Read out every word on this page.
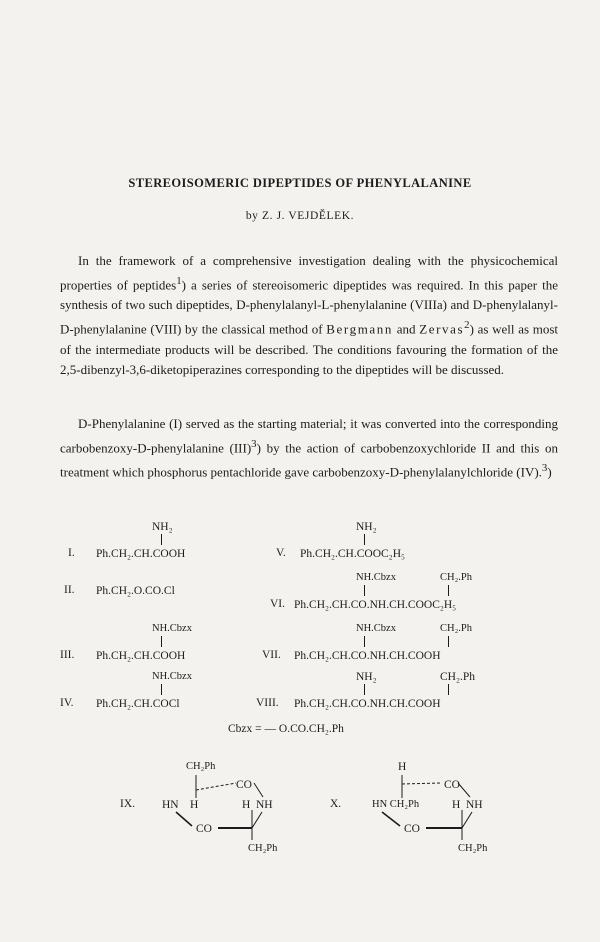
STEREOISOMERIC DIPEPTIDES OF PHENYLALANINE
by Z. J. VEJDĚLEK.
In the framework of a comprehensive investigation dealing with the physicochemical properties of peptides$^1$) a series of stereoisomeric dipeptides was required. In this paper the synthesis of two such dipeptides, D-phenylalanyl-L-phenylalanine (VIIIa) and D-phenylalanyl-D-phenylalanine (VIII) by the classical method of Bergmann and Zervas$^2$) as well as most of the intermediate products will be described. The conditions favouring the formation of the 2,5-dibenzyl-3,6-diketopiperazines corresponding to the dipeptides will be discussed.
D-Phenylalanine (I) served as the starting material; it was converted into the corresponding carbobenzoxy-D-phenylalanine (III)$^3$) by the action of carbobenzoxychloride II and this on treatment which phosphorus pentachloride gave carbobenzoxy-D-phenylalanylchloride (IV).$^3$)
NH₂
I. Ph.CH₂.CH.COOH
II. Ph.CH₂.O.CO.Cl
NH.Cbzx
III. Ph.CH₂.CH.COOH
NH.Cbzx
IV. Ph.CH₂.CH.COCl
NH₂
V. Ph.CH₂.CH.COOC₂H₅
NH.Cbzx	CH₂.Ph
VI. Ph.CH₂.CH.CO.NH.CH.COOC₂H₅
NH.Cbzx	CH₂.Ph
VII. Ph.CH₂.CH.CO.NH.CH.COOH
NH₂	CH₂.Ph
VIII. Ph.CH₂.CH.CO.NH.CH.COOH
Cbzx = — O.CO.CH₂.Ph
IX.
CH₂Ph
CO
HN H	H NH
CO
CH₂Ph
X.
H
CO
HN CH₂Ph	H NH
CO
CH₂Ph
